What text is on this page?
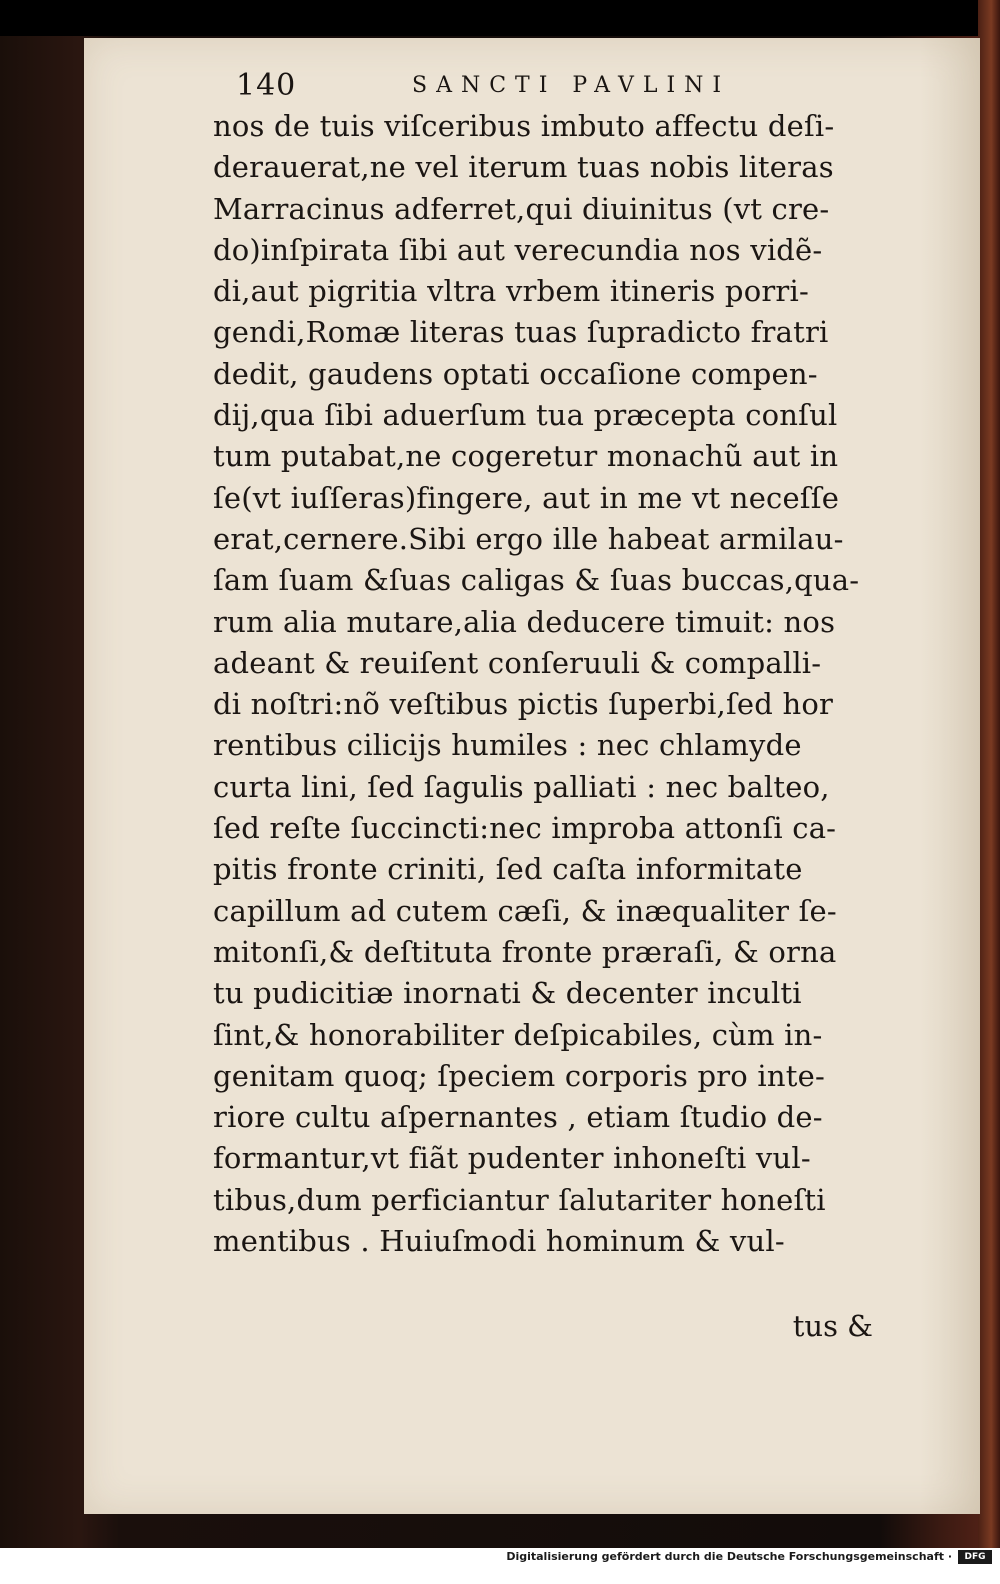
140	SANCTI PAVLINI
nos de tuis viſceribus imbuto affectu deſi-
derauerat,ne vel iterum tuas nobis literas
Marracinus adferret,qui diuinitus (vt cre-
do)inſpirata ſibi aut verecundia nos vidẽ-
di,aut pigritia vltra vrbem itineris porri-
gendi,Romæ literas tuas ſupradicto fratri
dedit, gaudens optati occaſione compen-
dij,qua ſibi aduerſum tua præcepta conſul
tum putabat,ne cogeretur monachũ aut in
ſe(vt iuſſeras)fingere, aut in me vt neceſſe
erat,cernere.Sibi ergo ille habeat armilau-
ſam ſuam &ſuas caligas & ſuas buccas,qua-
rum alia mutare,alia deducere timuit: nos
adeant & reuiſent conſeruuli & compalli-
di noſtri:nõ veſtibus pictis ſuperbi,ſed hor
rentibus cilicijs humiles : nec chlamyde
curta lini, ſed ſagulis palliati : nec balteo,
ſed reſte ſuccincti:nec improba attonſi ca-
pitis fronte criniti, ſed caſta informitate
capillum ad cutem cæſi, & inæqualiter ſe-
mitonſi,& deſtituta fronte præraſi, & orna
tu pudicitiæ inornati & decenter inculti
ſint,& honorabiliter deſpicabiles, cùm in-
genitam quoq; ſpeciem corporis pro inte-
riore cultu aſpernantes , etiam ſtudio de-
formantur,vt fiãt pudenter inhoneſti vul-
tibus,dum perficiantur ſalutariter honeſti
mentibus . Huiuſmodi hominum & vul-
tus &
Digitalisierung gefördert durch die Deutsche Forschungsgemeinschaft ·	DFG
